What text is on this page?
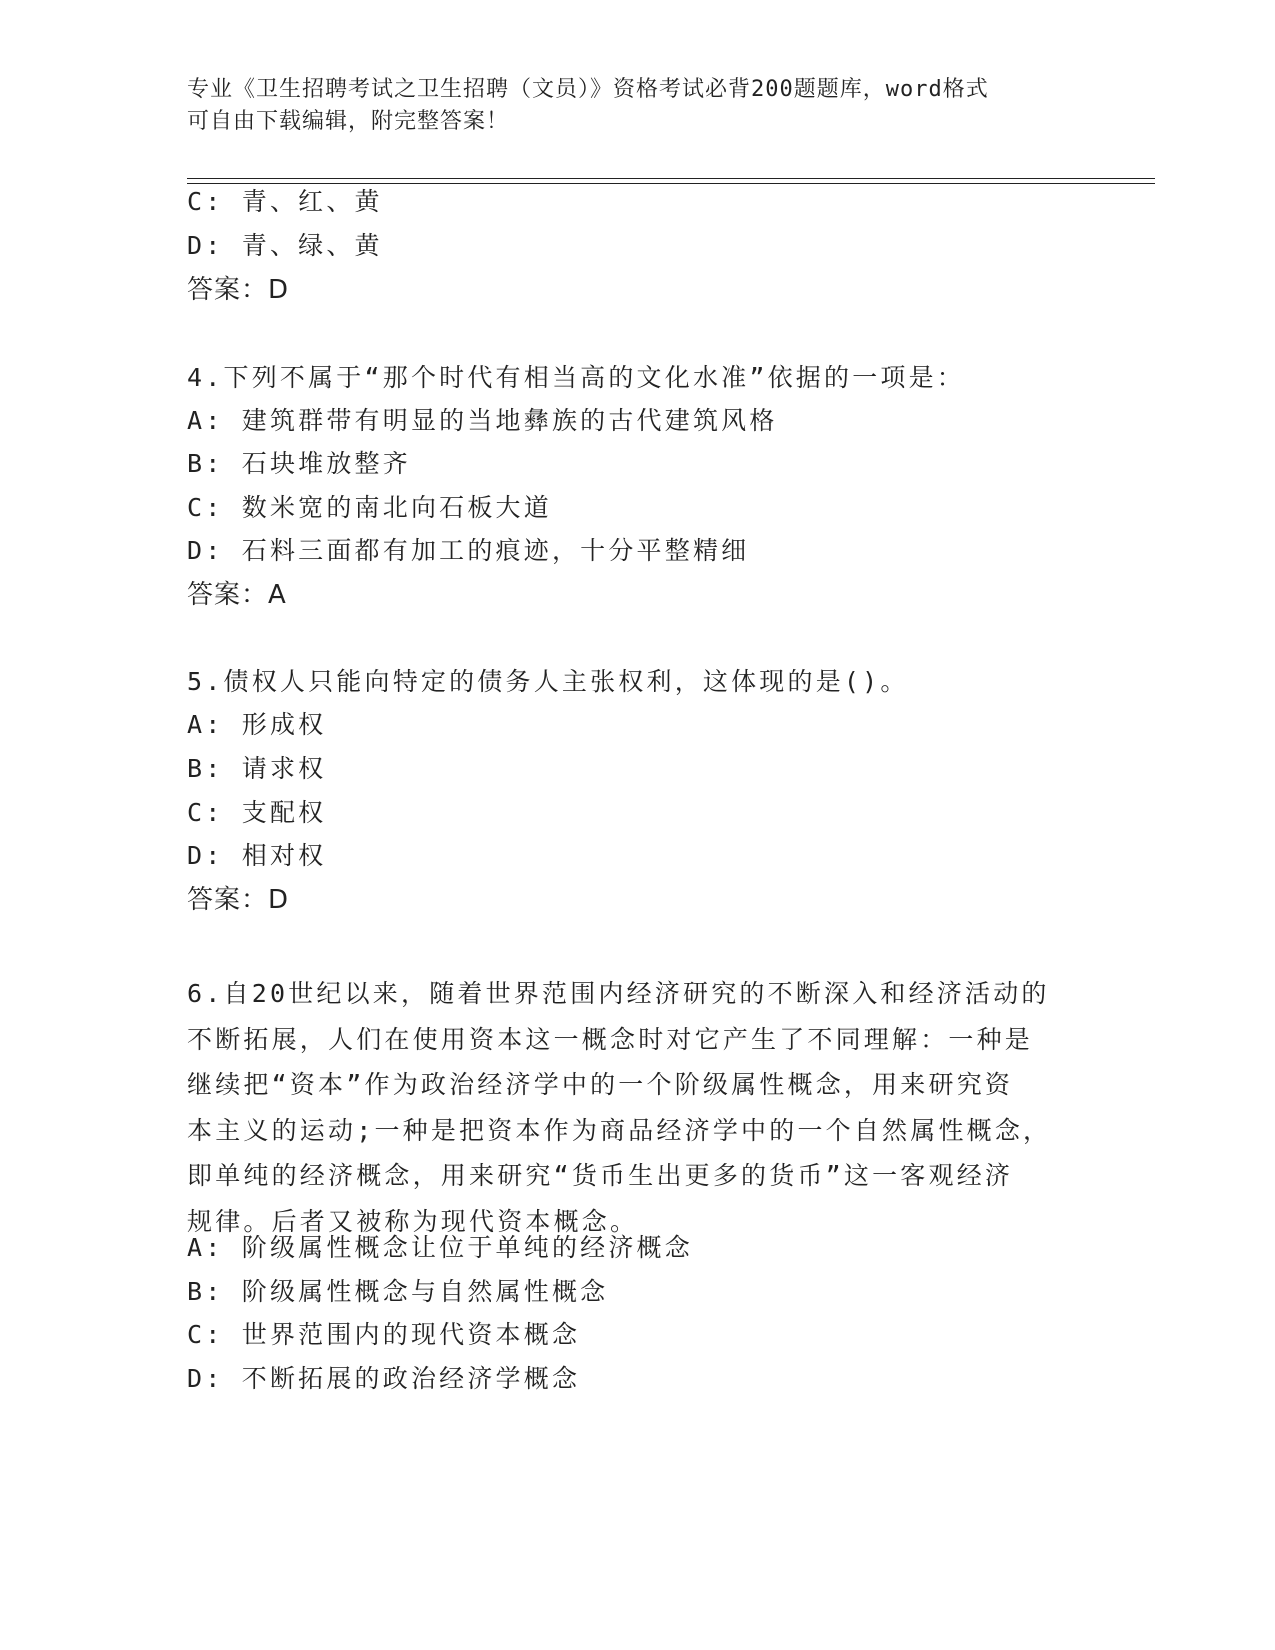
专业《卫生招聘考试之卫生招聘（文员）》资格考试必背200题题库，word格式
可自由下载编辑，附完整答案！
C: 青、红、黄
D: 青、绿、黄
答案：D
4.下列不属于“那个时代有相当高的文化水准”依据的一项是：
A: 建筑群带有明显的当地彝族的古代建筑风格
B: 石块堆放整齐
C: 数米宽的南北向石板大道
D: 石料三面都有加工的痕迹，十分平整精细
答案：A
5.债权人只能向特定的债务人主张权利，这体现的是()。
A: 形成权
B: 请求权
C: 支配权
D: 相对权
答案：D
6.自20世纪以来，随着世界范围内经济研究的不断深入和经济活动的
不断拓展，人们在使用资本这一概念时对它产生了不同理解：一种是
继续把“资本”作为政治经济学中的一个阶级属性概念，用来研究资
本主义的运动;一种是把资本作为商品经济学中的一个自然属性概念，
即单纯的经济概念，用来研究“货币生出更多的货币”这一客观经济
规律。后者又被称为现代资本概念。
A: 阶级属性概念让位于单纯的经济概念
B: 阶级属性概念与自然属性概念
C: 世界范围内的现代资本概念
D: 不断拓展的政治经济学概念
